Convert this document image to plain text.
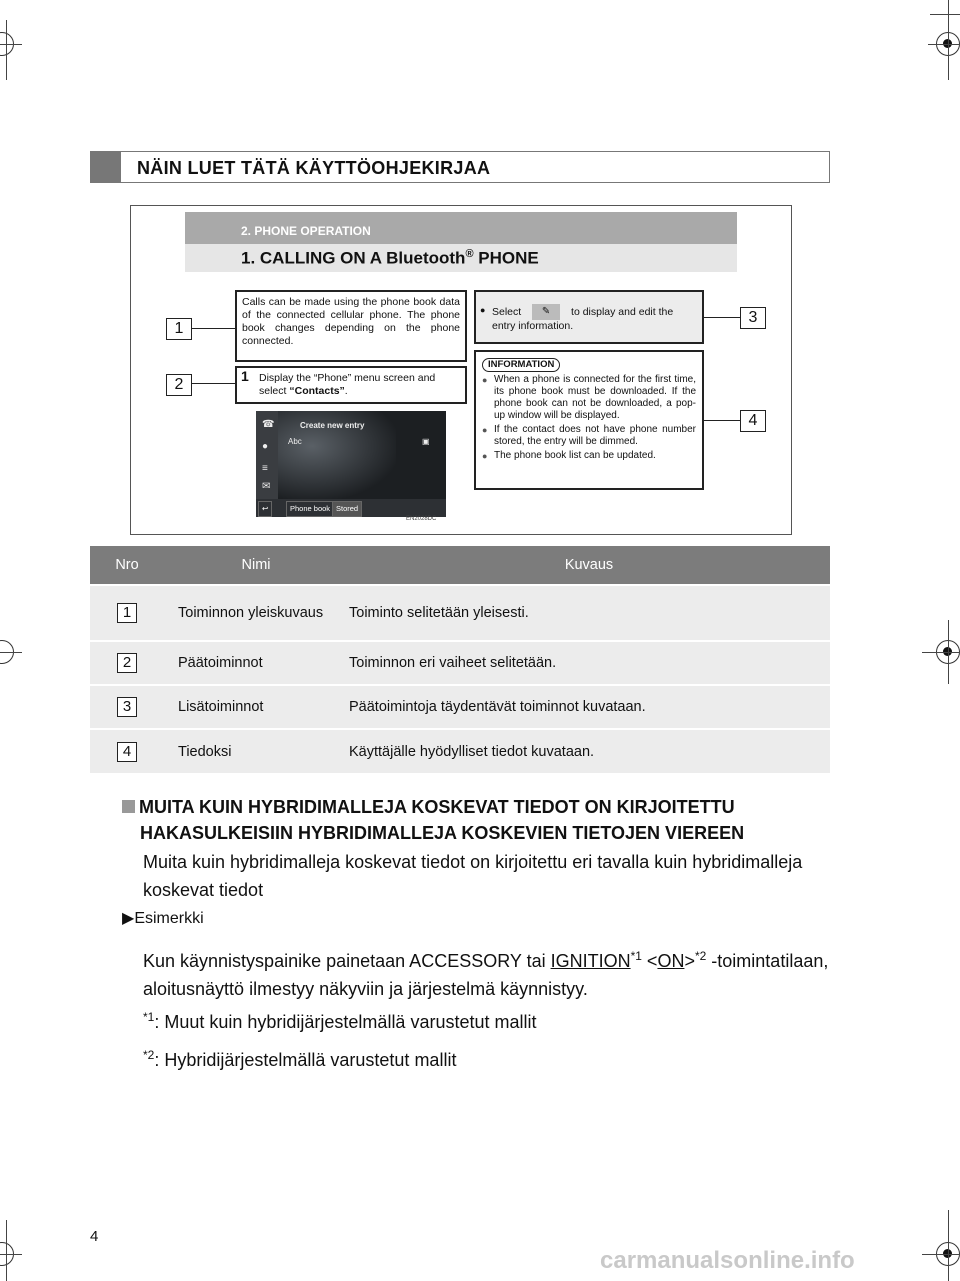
NÄIN LUET TÄTÄ KÄYTTÖOHJEKIRJAA
2. PHONE OPERATION
1. CALLING ON A Bluetooth® PHONE
Calls can be made using the phone book data of the connected cellular phone. The phone book changes depending on the phone connected.
1 Display the “Phone” menu screen and select “Contacts”.
☎
●
≡
✉
Create new entry
Abc	▣
↩	Phone book Stored
EN2028DC
● Select ✎ to display and edit the entry information.
INFORMATION
● When a phone is connected for the first time, its phone book must be downloaded. If the phone book can not be downloaded, a pop-up window will be displayed.
● If the contact does not have phone number stored, the entry will be dimmed.
● The phone book list can be updated.
1
2
3
4
Nro	Nimi	Kuvaus
1	Toiminnon yleiskuvaus	Toiminto selitetään yleisesti.
2	Päätoiminnot	Toiminnon eri vaiheet selitetään.
3	Lisätoiminnot	Päätoimintoja täydentävät toiminnot kuvataan.
4	Tiedoksi	Käyttäjälle hyödylliset tiedot kuvataan.
MUITA KUIN HYBRIDIMALLEJA KOSKEVAT TIEDOT ON KIRJOITETTU
HAKASULKEISIIN HYBRIDIMALLEJA KOSKEVIEN TIETOJEN VIEREEN
Muita kuin hybridimalleja koskevat tiedot on kirjoitettu eri tavalla kuin hybridimalleja koskevat tiedot
▶Esimerkki
Kun käynnistyspainike painetaan ACCESSORY tai $IGNITION^{*1} <ON>^{*2}$ -toimintatilaan, aloitusnäyttö ilmestyy näkyviin ja järjestelmä käynnistyy.
$^{*1}$: Muut kuin hybridijärjestelmällä varustetut mallit
$^{*2}$: Hybridijärjestelmällä varustetut mallit
4
carmanualsonline.info
